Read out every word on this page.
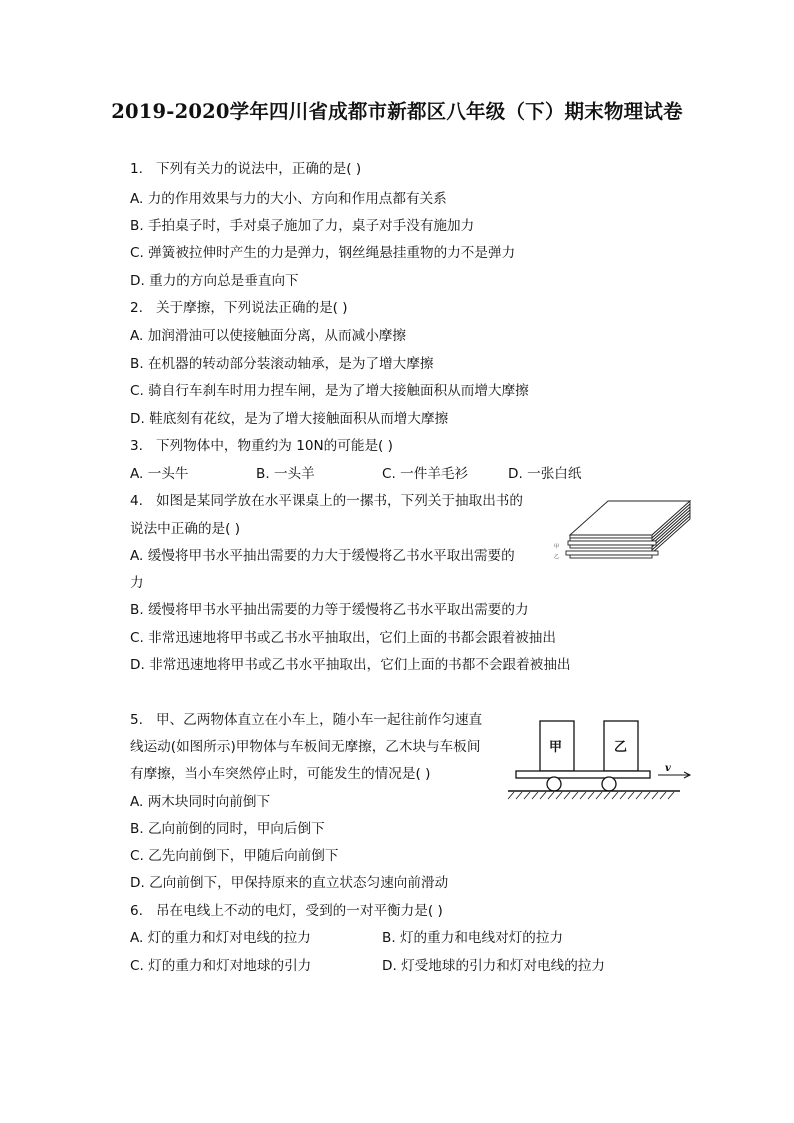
2019-2020学年四川省成都市新都区八年级（下）期末物理试卷
1. 下列有关力的说法中，正确的是( )
A. 力的作用效果与力的大小、方向和作用点都有关系
B. 手拍桌子时，手对桌子施加了力，桌子对手没有施加力
C. 弹簧被拉伸时产生的力是弹力，钢丝绳悬挂重物的力不是弹力
D. 重力的方向总是垂直向下
2. 关于摩擦，下列说法正确的是( )
A. 加润滑油可以使接触面分离，从而减小摩擦
B. 在机器的转动部分装滚动轴承，是为了增大摩擦
C. 骑自行车刹车时用力捏车闸，是为了增大接触面积从而增大摩擦
D. 鞋底刻有花纹，是为了增大接触面积从而增大摩擦
3. 下列物体中，物重约为 10N的可能是( )
A. 一头牛	B. 一头羊	C. 一件羊毛衫	D. 一张白纸
4. 如图是某同学放在水平课桌上的一摞书，下列关于抽取出书的
说法中正确的是( )
A. 缓慢将甲书水平抽出需要的力大于缓慢将乙书水平取出需要的
力
B. 缓慢将甲书水平抽出需要的力等于缓慢将乙书水平取出需要的力
C. 非常迅速地将甲书或乙书水平抽取出，它们上面的书都会跟着被抽出
D. 非常迅速地将甲书或乙书水平抽取出，它们上面的书都不会跟着被抽出
甲
乙
5. 甲、乙两物体直立在小车上，随小车一起往前作匀速直
线运动(如图所示)甲物体与车板间无摩擦，乙木块与车板间
有摩擦，当小车突然停止时，可能发生的情况是( )
A. 两木块同时向前倒下
B. 乙向前倒的同时，甲向后倒下
C. 乙先向前倒下，甲随后向前倒下
D. 乙向前倒下，甲保持原来的直立状态匀速向前滑动
甲	乙
v
6. 吊在电线上不动的电灯，受到的一对平衡力是( )
A. 灯的重力和灯对电线的拉力	B. 灯的重力和电线对灯的拉力
C. 灯的重力和灯对地球的引力	D. 灯受地球的引力和灯对电线的拉力
